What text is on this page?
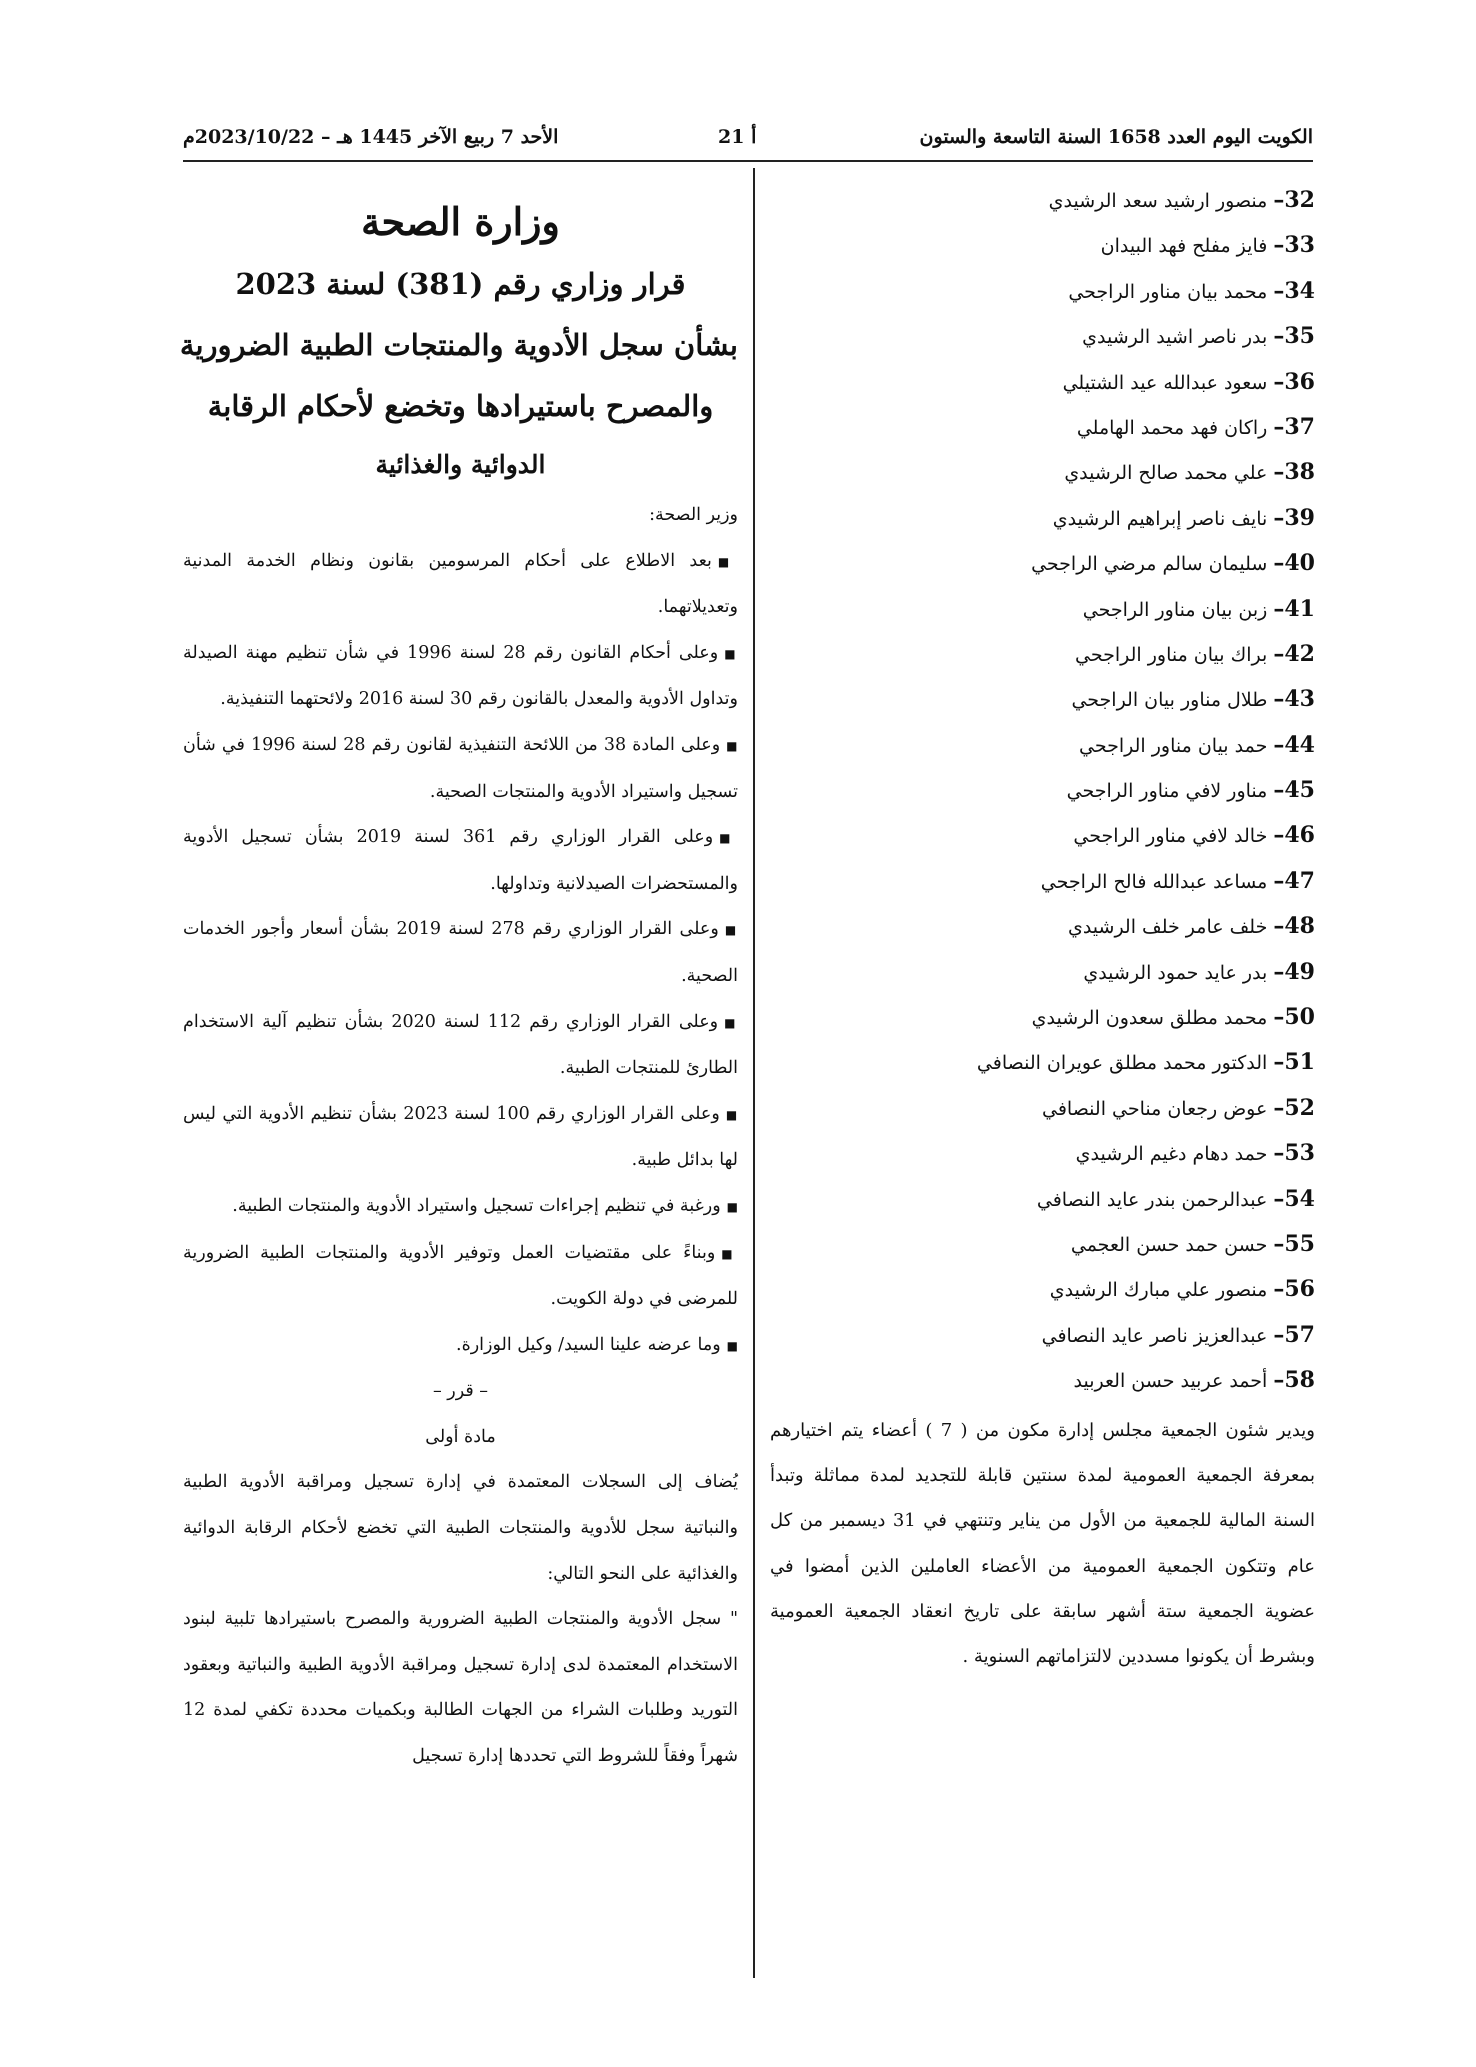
الأحد 7 ربيع الآخر 1445 هـ – 2023/10/22م	أ 21	الكويت اليوم العدد 1658 السنة التاسعة والستون
32– منصور ارشيد سعد الرشيدي
33– فايز مفلح فهد البيدان
34– محمد بيان مناور الراجحي
35– بدر ناصر اشيد الرشيدي
36– سعود عبدالله عيد الشتيلي
37– راكان فهد محمد الهاملي
38– علي محمد صالح الرشيدي
39– نايف ناصر إبراهيم الرشيدي
40– سليمان سالم مرضي الراجحي
41– زبن بيان مناور الراجحي
42– براك بيان مناور الراجحي
43– طلال مناور بيان الراجحي
44– حمد بيان مناور الراجحي
45– مناور لافي مناور الراجحي
46– خالد لافي مناور الراجحي
47– مساعد عبدالله فالح الراجحي
48– خلف عامر خلف الرشيدي
49– بدر عايد حمود الرشيدي
50– محمد مطلق سعدون الرشيدي
51– الدكتور محمد مطلق عويران النصافي
52– عوض رجعان مناحي النصافي
53– حمد دهام دغيم الرشيدي
54– عبدالرحمن بندر عايد النصافي
55– حسن حمد حسن العجمي
56– منصور علي مبارك الرشيدي
57– عبدالعزيز ناصر عايد النصافي
58– أحمد عربيد حسن العربيد
ويدير شئون الجمعية مجلس إدارة مكون من ( 7 ) أعضاء يتم اختيارهم بمعرفة الجمعية العمومية لمدة سنتين قابلة للتجديد لمدة مماثلة وتبدأ السنة المالية للجمعية من الأول من يناير وتنتهي في 31 ديسمبر من كل عام وتتكون الجمعية العمومية من الأعضاء العاملين الذين أمضوا في عضوية الجمعية ستة أشهر سابقة على تاريخ انعقاد الجمعية العمومية وبشرط أن يكونوا مسددين لالتزاماتهم السنوية .
وزارة الصحة
قرار وزاري رقم (381) لسنة 2023
بشأن سجل الأدوية والمنتجات الطبية الضرورية
والمصرح باستيرادها وتخضع لأحكام الرقابة
الدوائية والغذائية

وزير الصحة:

■بعد الاطلاع على أحكام المرسومين بقانون ونظام الخدمة المدنية وتعديلاتهما.

■وعلى أحكام القانون رقم 28 لسنة 1996 في شأن تنظيم مهنة الصيدلة وتداول الأدوية والمعدل بالقانون رقم 30 لسنة 2016 ولائحتهما التنفيذية.

■وعلى المادة 38 من اللائحة التنفيذية لقانون رقم 28 لسنة 1996 في شأن تسجيل واستيراد الأدوية والمنتجات الصحية.

■وعلى القرار الوزاري رقم 361 لسنة 2019 بشأن تسجيل الأدوية والمستحضرات الصيدلانية وتداولها.

■وعلى القرار الوزاري رقم 278 لسنة 2019 بشأن أسعار وأجور الخدمات الصحية.

■وعلى القرار الوزاري رقم 112 لسنة 2020 بشأن تنظيم آلية الاستخدام الطارئ للمنتجات الطبية.

■وعلى القرار الوزاري رقم 100 لسنة 2023 بشأن تنظيم الأدوية التي ليس لها بدائل طبية.

■ورغبة في تنظيم إجراءات تسجيل واستيراد الأدوية والمنتجات الطبية.

■وبناءً على مقتضيات العمل وتوفير الأدوية والمنتجات الطبية الضرورية للمرضى في دولة الكويت.

■وما عرضه علينا السيد/ وكيل الوزارة.

– قرر –

مادة أولى

يُضاف إلى السجلات المعتمدة في إدارة تسجيل ومراقبة الأدوية الطبية والنباتية سجل للأدوية والمنتجات الطبية التي تخضع لأحكام الرقابة الدوائية والغذائية على النحو التالي:

" سجل الأدوية والمنتجات الطبية الضرورية والمصرح باستيرادها تلبية لبنود الاستخدام المعتمدة لدى إدارة تسجيل ومراقبة الأدوية الطبية والنباتية وبعقود التوريد وطلبات الشراء من الجهات الطالبة وبكميات محددة تكفي لمدة 12 شهراً وفقاً للشروط التي تحددها إدارة تسجيل
